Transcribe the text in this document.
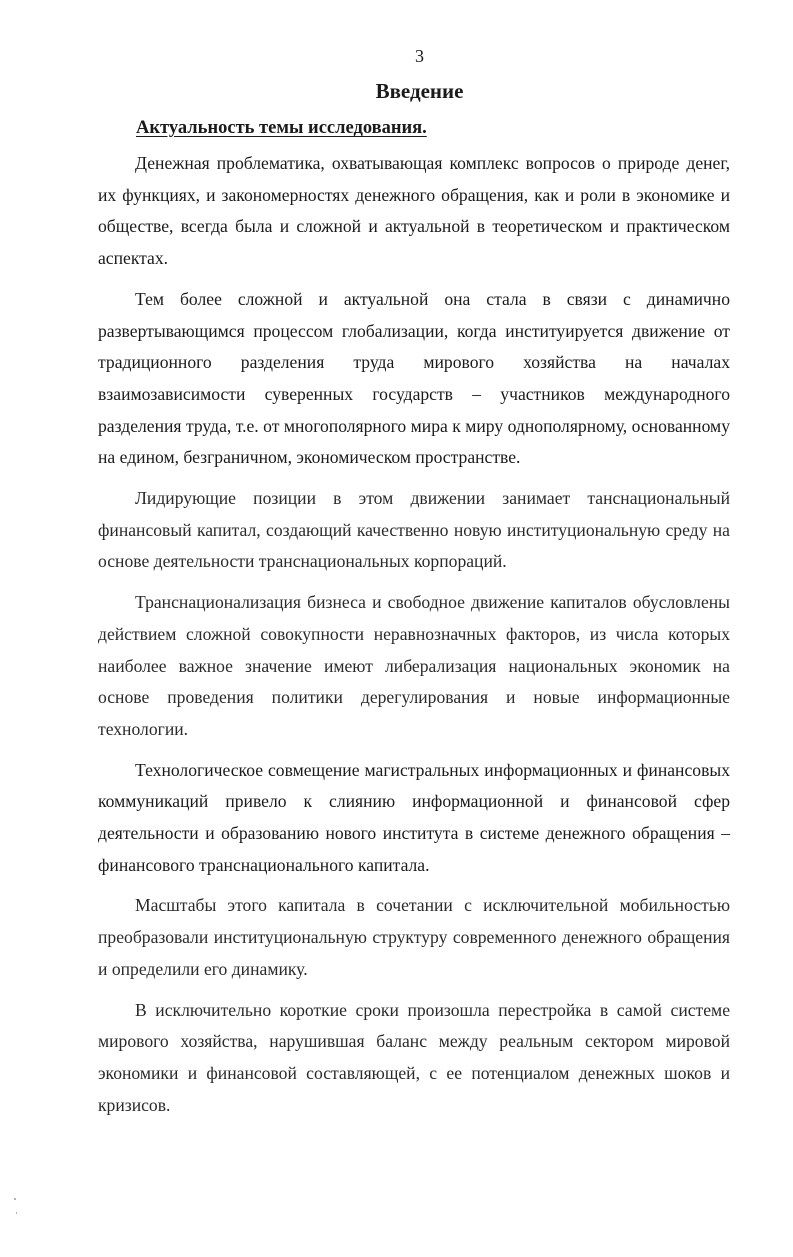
3
Введение
Актуальность темы исследования.

Денежная проблематика, охватывающая комплекс вопросов о природе денег, их функциях, и закономерностях денежного обращения, как и роли в экономике и обществе, всегда была и сложной и актуальной в теоретическом и практическом аспектах.

Тем более сложной и актуальной она стала в связи с динамично развертывающимся процессом глобализации, когда институируется движение от традиционного разделения труда мирового хозяйства на началах взаимозависимости суверенных государств – участников международного разделения труда, т.е. от многополярного мира к миру однополярному, основанному на едином, безграничном, экономическом пространстве.

Лидирующие позиции в этом движении занимает танснациональный финансовый капитал, создающий качественно новую институциональную среду на основе деятельности транснациональных корпораций.

Транснационализация бизнеса и свободное движение капиталов обусловлены действием сложной совокупности неравнозначных факторов, из числа которых наиболее важное значение имеют либерализация национальных экономик на основе проведения политики дерегулирования и новые информационные технологии.

Технологическое совмещение магистральных информационных и финансовых коммуникаций привело к слиянию информационной и финансовой сфер деятельности и образованию нового института в системе денежного обращения – финансового транснационального капитала.

Масштабы этого капитала в сочетании с исключительной мобильностью преобразовали институциональную структуру современного денежного обращения и определили его динамику.

В исключительно короткие сроки произошла перестройка в самой системе мирового хозяйства, нарушившая баланс между реальным сектором мировой экономики и финансовой составляющей, с ее потенциалом денежных шоков и кризисов.
